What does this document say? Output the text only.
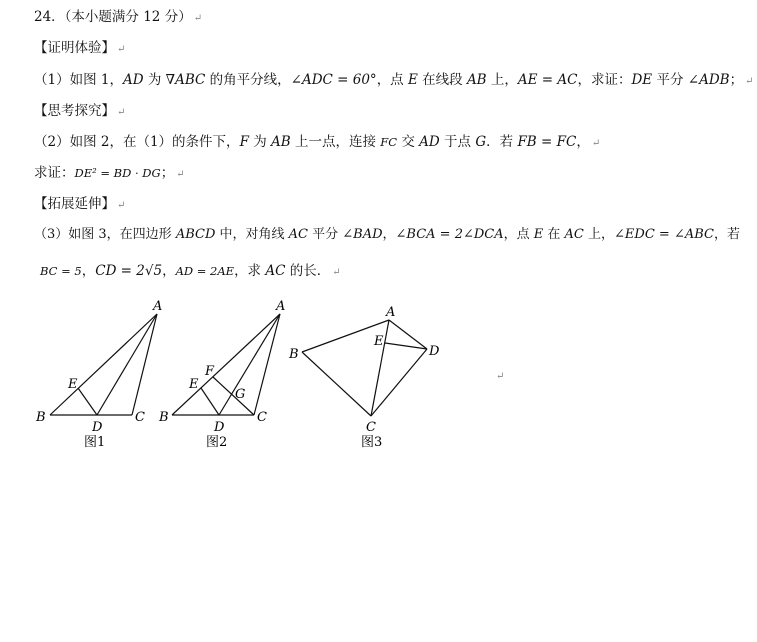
24．（本小题满分 12 分） ↵
【证明体验】 ↵
（1）如图 1，AD 为 ∇ABC 的角平分线，∠ADC = 60°，点 E 在线段 AB 上，AE = AC，求证：DE 平分 ∠ADB； ↵
【思考探究】 ↵
（2）如图 2，在（1）的条件下，F 为 AB 上一点，连接 FC 交 AD 于点 G．若 FB = FC， ↵
求证：DE² = BD · DG； ↵
【拓展延伸】 ↵
（3）如图 3，在四边形 ABCD 中，对角线 AC 平分 ∠BAD，∠BCA = 2∠DCA，点 E 在 AC 上，∠EDC = ∠ABC，若
BC = 5，CD = 2√5，AD = 2AE，求 AC 的长． ↵
↵
A
B	C
D
E
A
B	C
D
E
F
G
A
B
C
D
E
图1	图2	图3
